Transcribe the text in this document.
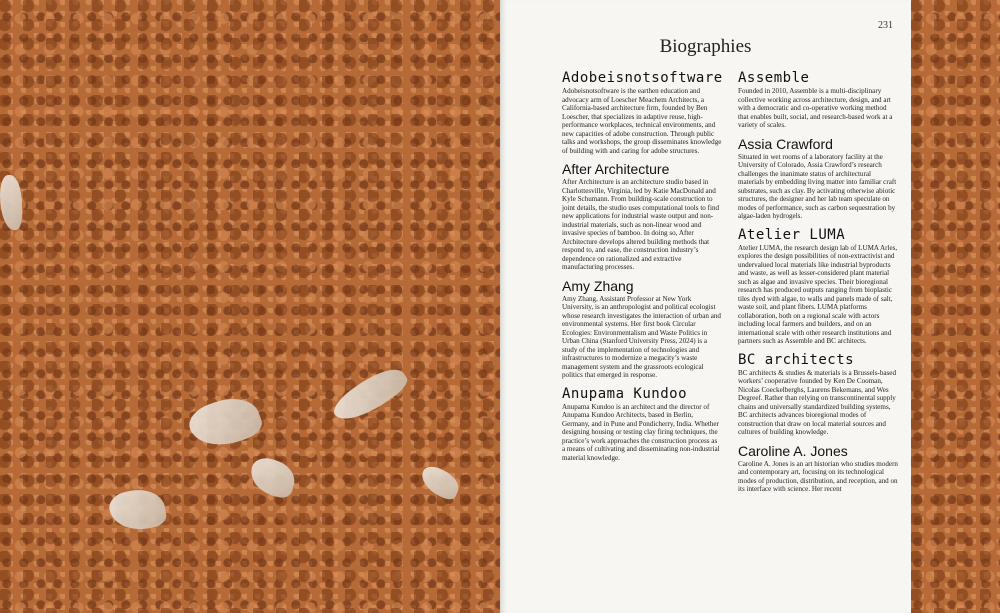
231
Biographies
Adobeisnotsoftware

Adobeisnotsoftware is the earthen education and advocacy arm of Loescher Meachem Architects, a California-based architecture firm, founded by Ben Loescher, that specializes in adaptive reuse, high-performance workplaces, technical environments, and new capacities of adobe construction. Through public talks and workshops, the group disseminates knowledge of building with and caring for adobe structures.

After Architecture

After Architecture is an architecture studio based in Charlottesville, Virginia, led by Katie MacDonald and Kyle Schumann. From building-scale construction to joint details, the studio uses computational tools to find new applications for industrial waste output and non-industrial materials, such as non-linear wood and invasive species of bamboo. In doing so, After Architecture develops altered building methods that respond to, and ease, the construction industry’s dependence on rationalized and extractive manufacturing processes.

Amy Zhang

Amy Zhang, Assistant Professor at New York University, is an anthropologist and political ecologist whose research investigates the interaction of urban and environmental systems. Her first book Circular Ecologies: Environmentalism and Waste Politics in Urban China (Stanford University Press, 2024) is a study of the implementation of technologies and infrastructures to modernize a megacity’s waste management system and the grassroots ecological politics that emerged in response.

Anupama Kundoo

Anupama Kundoo is an architect and the director of Anupama Kundoo Architects, based in Berlin, Germany, and in Pune and Pondicherry, India. Whether designing housing or testing clay firing techniques, the practice’s work approaches the construction process as a means of cultivating and disseminating non-industrial material knowledge.

Assemble

Founded in 2010, Assemble is a multi-disciplinary collective working across architecture, design, and art with a democratic and co-operative working method that enables built, social, and research-based work at a variety of scales.

Assia Crawford

Situated in wet rooms of a laboratory facility at the University of Colorado, Assia Crawford’s research challenges the inanimate status of architectural materials by embedding living matter into familiar craft substrates, such as clay. By activating otherwise abiotic structures, the designer and her lab team speculate on modes of performance, such as carbon sequestration by algae-laden hydrogels.

Atelier LUMA

Atelier LUMA, the research design lab of LUMA Arles, explores the design possibilities of non-extractivist and undervalued local materials like industrial byproducts and waste, as well as lesser-considered plant material such as algae and invasive species. Their bioregional research has produced outputs ranging from bioplastic tiles dyed with algae, to walls and panels made of salt, waste soil, and plant fibers. LUMA platforms collaboration, both on a regional scale with actors including local farmers and builders, and on an international scale with other research institutions and partners such as Assemble and BC architects.

BC architects

BC architects & studies & materials is a Brussels-based workers’ cooperative founded by Ken De Cooman, Nicolas Coeckelberghs, Laurens Bekemans, and Wes Degreef. Rather than relying on transcontinental supply chains and universally standardized building systems, BC architects advances bioregional modes of construction that draw on local material sources and cultures of building knowledge.

Caroline A. Jones

Caroline A. Jones is an art historian who studies modern and contemporary art, focusing on its technological modes of production, distribution, and reception, and on its interface with science. Her recent
